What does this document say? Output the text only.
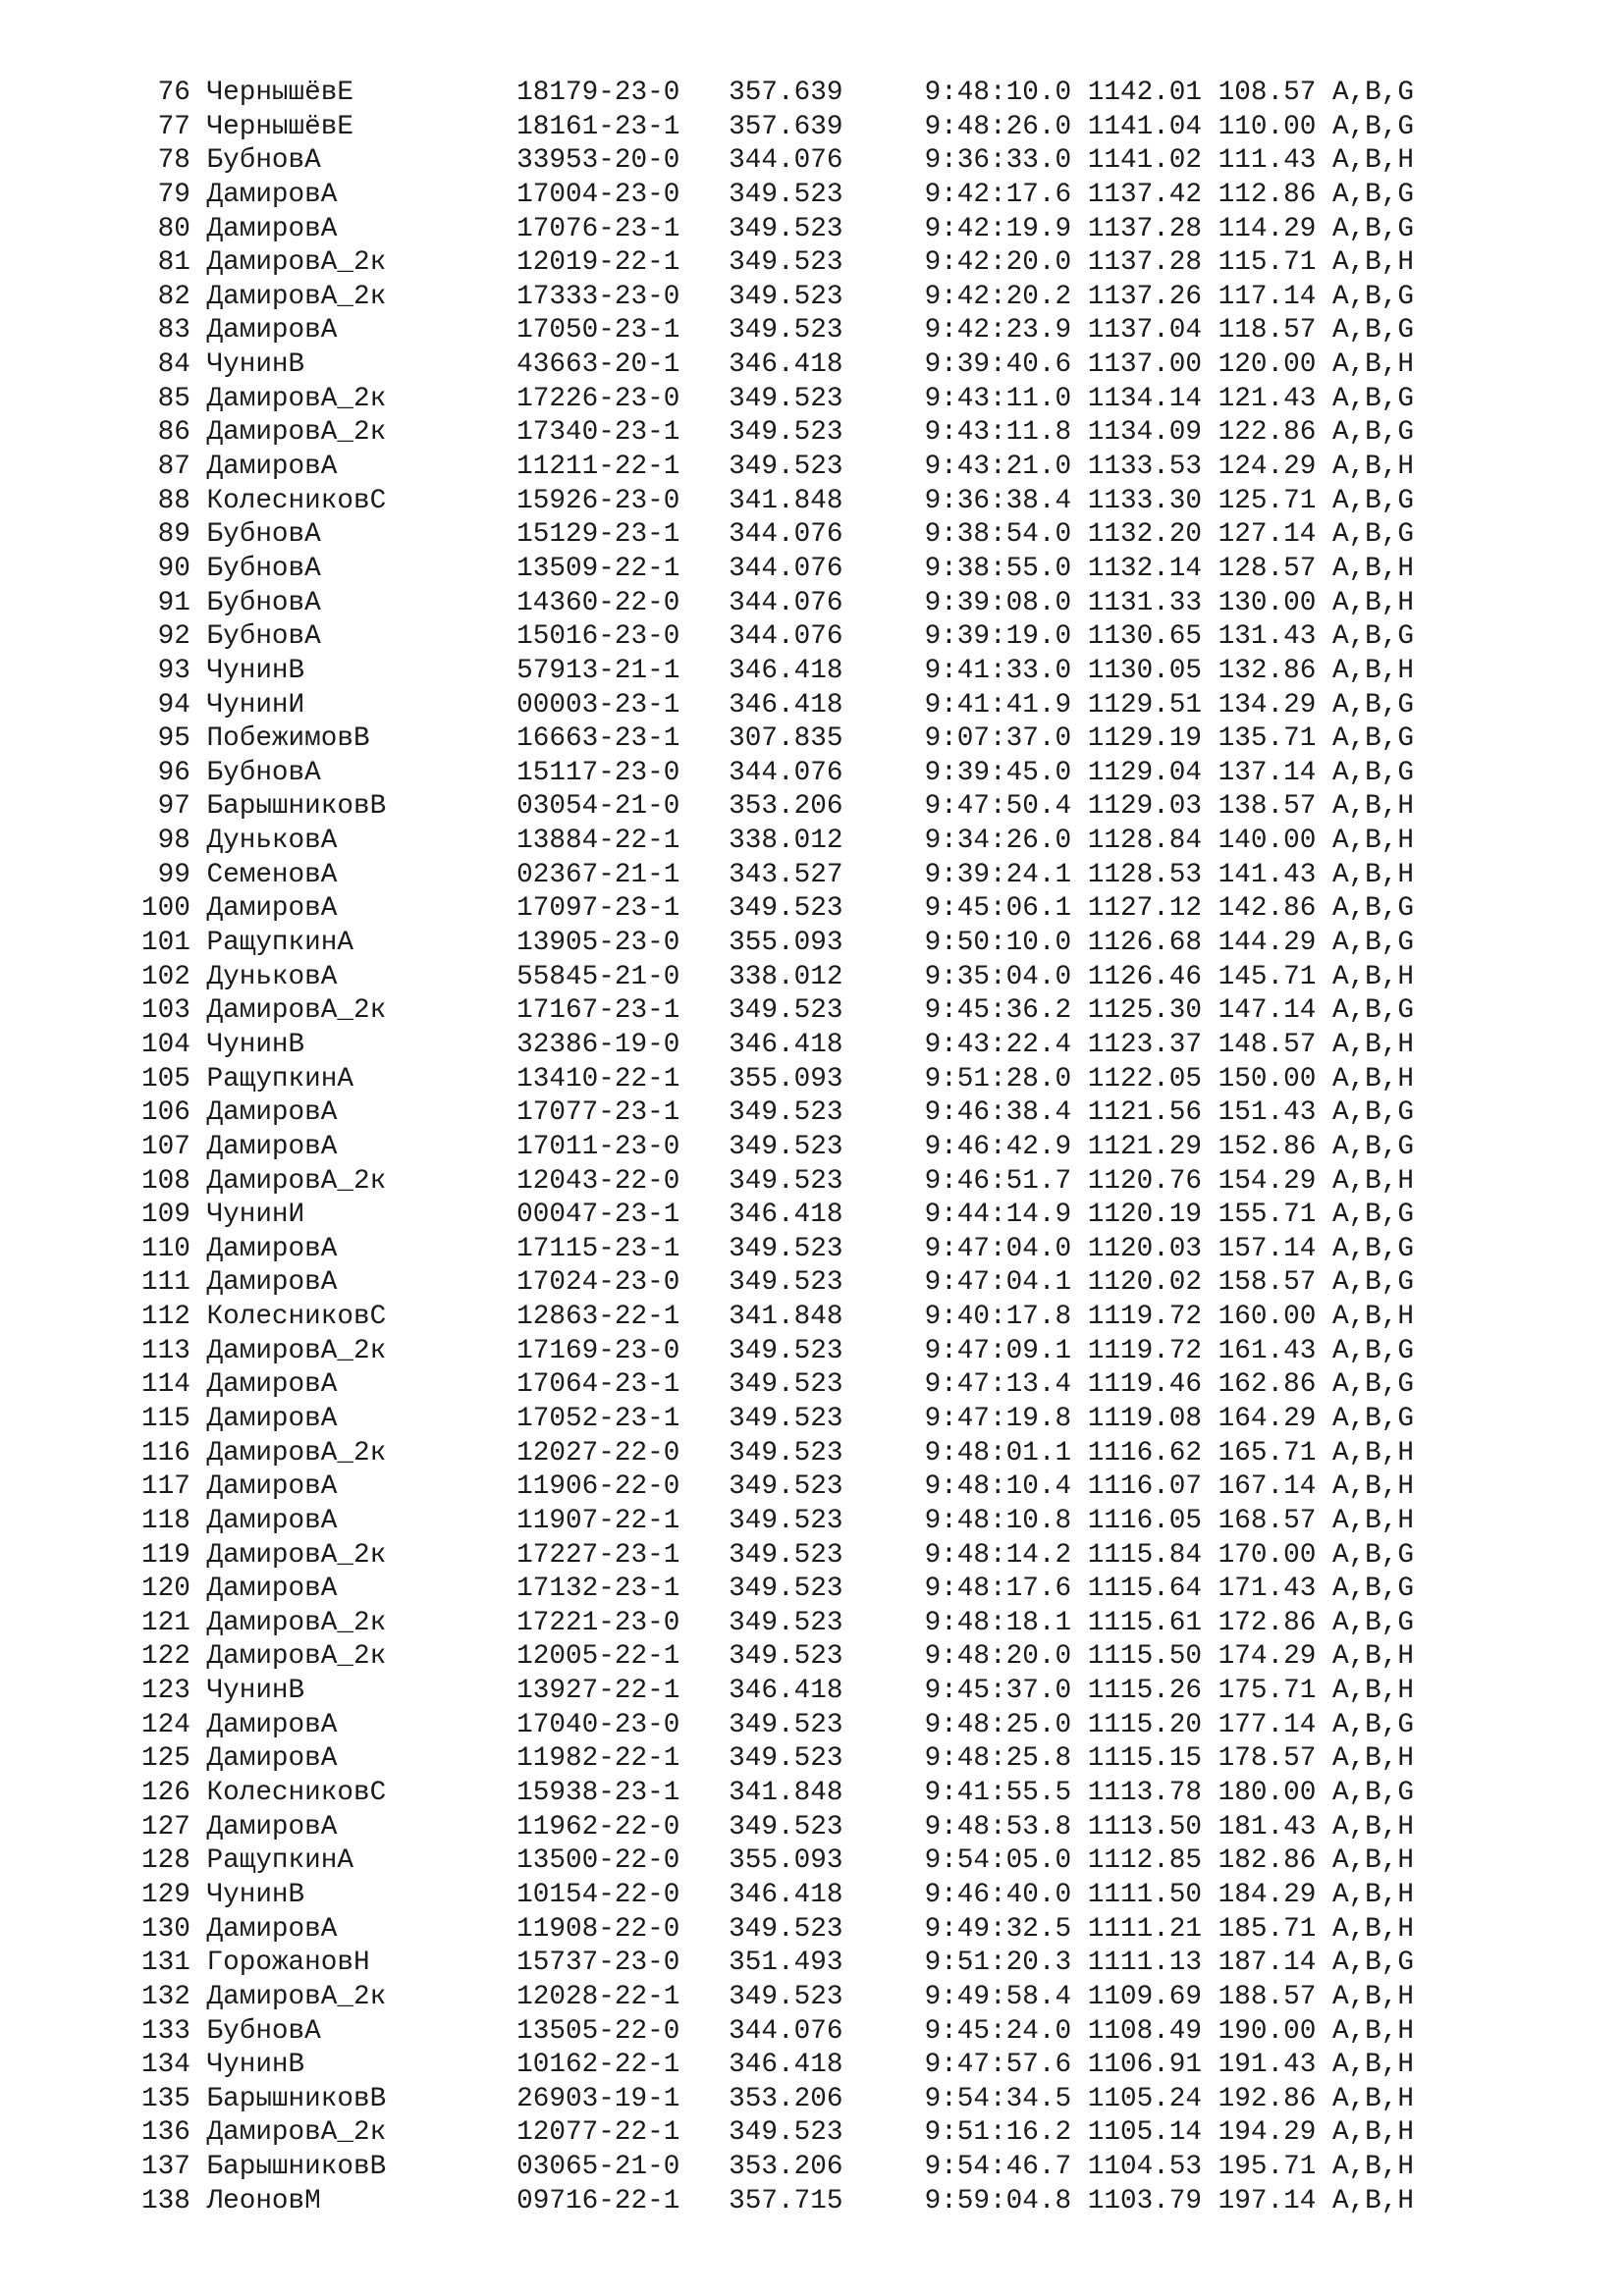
76 ЧернышёвЕ          18179-23-0   357.639     9:48:10.0 1142.01 108.57 A,B,G
77 ЧернышёвЕ          18161-23-1   357.639     9:48:26.0 1141.04 110.00 A,B,G
78 БубновА            33953-20-0   344.076     9:36:33.0 1141.02 111.43 A,B,H
79 ДамировА           17004-23-0   349.523     9:42:17.6 1137.42 112.86 A,B,G
80 ДамировА           17076-23-1   349.523     9:42:19.9 1137.28 114.29 A,B,G
81 ДамировА_2к        12019-22-1   349.523     9:42:20.0 1137.28 115.71 A,B,H
82 ДамировА_2к        17333-23-0   349.523     9:42:20.2 1137.26 117.14 A,B,G
83 ДамировА           17050-23-1   349.523     9:42:23.9 1137.04 118.57 A,B,G
84 ЧунинВ             43663-20-1   346.418     9:39:40.6 1137.00 120.00 A,B,H
85 ДамировА_2к        17226-23-0   349.523     9:43:11.0 1134.14 121.43 A,B,G
86 ДамировА_2к        17340-23-1   349.523     9:43:11.8 1134.09 122.86 A,B,G
87 ДамировА           11211-22-1   349.523     9:43:21.0 1133.53 124.29 A,B,H
88 КолесниковС        15926-23-0   341.848     9:36:38.4 1133.30 125.71 A,B,G
89 БубновА            15129-23-1   344.076     9:38:54.0 1132.20 127.14 A,B,G
90 БубновА            13509-22-1   344.076     9:38:55.0 1132.14 128.57 A,B,H
91 БубновА            14360-22-0   344.076     9:39:08.0 1131.33 130.00 A,B,H
92 БубновА            15016-23-0   344.076     9:39:19.0 1130.65 131.43 A,B,G
93 ЧунинВ             57913-21-1   346.418     9:41:33.0 1130.05 132.86 A,B,H
94 ЧунинИ             00003-23-1   346.418     9:41:41.9 1129.51 134.29 A,B,G
95 ПобежимовВ         16663-23-1   307.835     9:07:37.0 1129.19 135.71 A,B,G
96 БубновА            15117-23-0   344.076     9:39:45.0 1129.04 137.14 A,B,G
97 БарышниковВ        03054-21-0   353.206     9:47:50.4 1129.03 138.57 A,B,H
98 ДуньковА           13884-22-1   338.012     9:34:26.0 1128.84 140.00 A,B,H
99 СеменовА           02367-21-1   343.527     9:39:24.1 1128.53 141.43 A,B,H
100 ДамировА           17097-23-1   349.523     9:45:06.1 1127.12 142.86 A,B,G
101 РащупкинА          13905-23-0   355.093     9:50:10.0 1126.68 144.29 A,B,G
102 ДуньковА           55845-21-0   338.012     9:35:04.0 1126.46 145.71 A,B,H
103 ДамировА_2к        17167-23-1   349.523     9:45:36.2 1125.30 147.14 A,B,G
104 ЧунинВ             32386-19-0   346.418     9:43:22.4 1123.37 148.57 A,B,H
105 РащупкинА          13410-22-1   355.093     9:51:28.0 1122.05 150.00 A,B,H
106 ДамировА           17077-23-1   349.523     9:46:38.4 1121.56 151.43 A,B,G
107 ДамировА           17011-23-0   349.523     9:46:42.9 1121.29 152.86 A,B,G
108 ДамировА_2к        12043-22-0   349.523     9:46:51.7 1120.76 154.29 A,B,H
109 ЧунинИ             00047-23-1   346.418     9:44:14.9 1120.19 155.71 A,B,G
110 ДамировА           17115-23-1   349.523     9:47:04.0 1120.03 157.14 A,B,G
111 ДамировА           17024-23-0   349.523     9:47:04.1 1120.02 158.57 A,B,G
112 КолесниковС        12863-22-1   341.848     9:40:17.8 1119.72 160.00 A,B,H
113 ДамировА_2к        17169-23-0   349.523     9:47:09.1 1119.72 161.43 A,B,G
114 ДамировА           17064-23-1   349.523     9:47:13.4 1119.46 162.86 A,B,G
115 ДамировА           17052-23-1   349.523     9:47:19.8 1119.08 164.29 A,B,G
116 ДамировА_2к        12027-22-0   349.523     9:48:01.1 1116.62 165.71 A,B,H
117 ДамировА           11906-22-0   349.523     9:48:10.4 1116.07 167.14 A,B,H
118 ДамировА           11907-22-1   349.523     9:48:10.8 1116.05 168.57 A,B,H
119 ДамировА_2к        17227-23-1   349.523     9:48:14.2 1115.84 170.00 A,B,G
120 ДамировА           17132-23-1   349.523     9:48:17.6 1115.64 171.43 A,B,G
121 ДамировА_2к        17221-23-0   349.523     9:48:18.1 1115.61 172.86 A,B,G
122 ДамировА_2к        12005-22-1   349.523     9:48:20.0 1115.50 174.29 A,B,H
123 ЧунинВ             13927-22-1   346.418     9:45:37.0 1115.26 175.71 A,B,H
124 ДамировА           17040-23-0   349.523     9:48:25.0 1115.20 177.14 A,B,G
125 ДамировА           11982-22-1   349.523     9:48:25.8 1115.15 178.57 A,B,H
126 КолесниковС        15938-23-1   341.848     9:41:55.5 1113.78 180.00 A,B,G
127 ДамировА           11962-22-0   349.523     9:48:53.8 1113.50 181.43 A,B,H
128 РащупкинА          13500-22-0   355.093     9:54:05.0 1112.85 182.86 A,B,H
129 ЧунинВ             10154-22-0   346.418     9:46:40.0 1111.50 184.29 A,B,H
130 ДамировА           11908-22-0   349.523     9:49:32.5 1111.21 185.71 A,B,H
131 ГорожановН         15737-23-0   351.493     9:51:20.3 1111.13 187.14 A,B,G
132 ДамировА_2к        12028-22-1   349.523     9:49:58.4 1109.69 188.57 A,B,H
133 БубновА            13505-22-0   344.076     9:45:24.0 1108.49 190.00 A,B,H
134 ЧунинВ             10162-22-1   346.418     9:47:57.6 1106.91 191.43 A,B,H
135 БарышниковВ        26903-19-1   353.206     9:54:34.5 1105.24 192.86 A,B,H
136 ДамировА_2к        12077-22-1   349.523     9:51:16.2 1105.14 194.29 A,B,H
137 БарышниковВ        03065-21-0   353.206     9:54:46.7 1104.53 195.71 A,B,H
138 ЛеоновМ            09716-22-1   357.715     9:59:04.8 1103.79 197.14 A,B,H
